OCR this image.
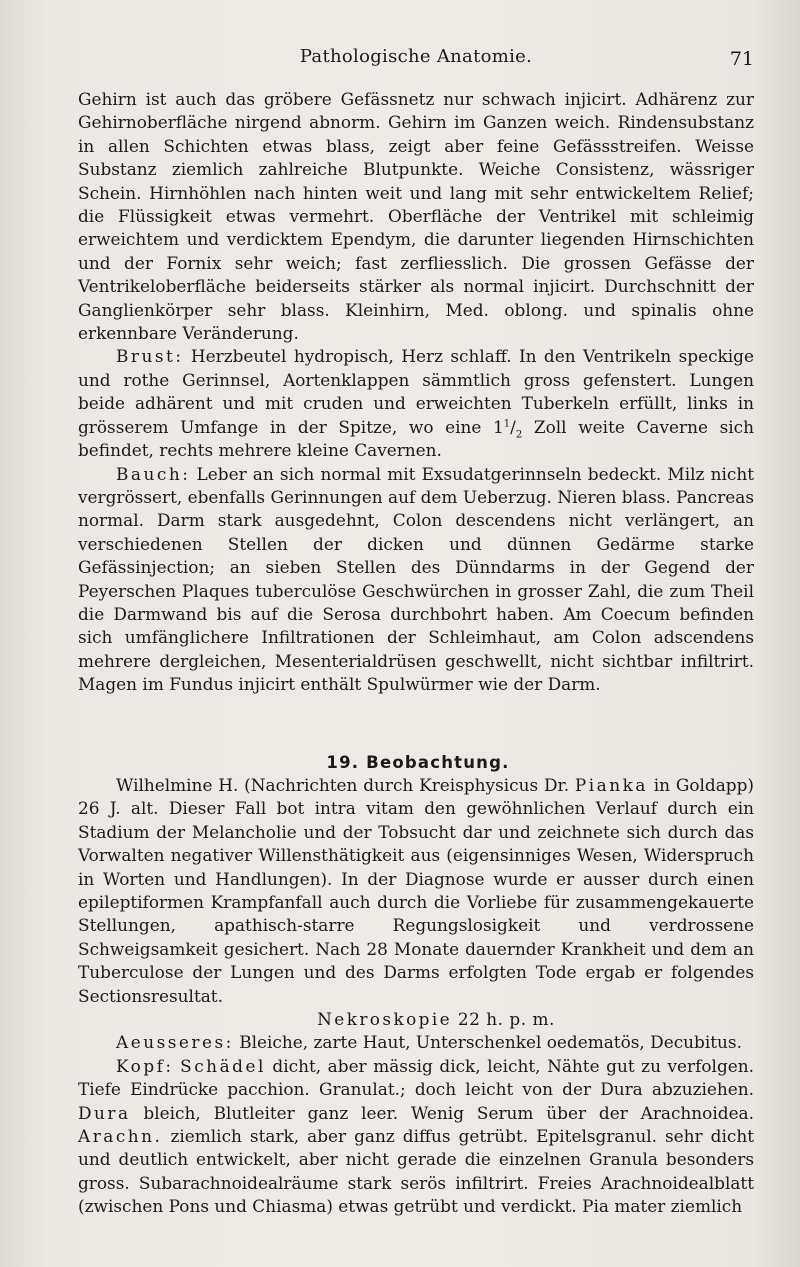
Pathologische Anatomie.	71

Gehirn ist auch das gröbere Gefässnetz nur schwach injicirt. Adhärenz zur Gehirnoberfläche nirgend abnorm. Gehirn im Ganzen weich. Rindensubstanz in allen Schichten etwas blass, zeigt aber feine Gefässstreifen. Weisse Substanz ziemlich zahlreiche Blutpunkte. Weiche Consistenz, wässriger Schein. Hirnhöhlen nach hinten weit und lang mit sehr entwickeltem Relief; die Flüssigkeit etwas vermehrt. Oberfläche der Ventrikel mit schleimig erweichtem und verdicktem Ependym, die darunter liegenden Hirnschichten und der Fornix sehr weich; fast zerfliesslich. Die grossen Gefässe der Ventrikeloberfläche beiderseits stärker als normal injicirt. Durchschnitt der Ganglienkörper sehr blass. Kleinhirn, Med. oblong. und spinalis ohne erkennbare Veränderung.

Brust: Herzbeutel hydropisch, Herz schlaff. In den Ventrikeln speckige und rothe Gerinnsel, Aortenklappen sämmtlich gross gefenstert. Lungen beide adhärent und mit cruden und erweichten Tuberkeln erfüllt, links in grösserem Umfange in der Spitze, wo eine $1^1/_2$ Zoll weite Caverne sich befindet, rechts mehrere kleine Cavernen.

Bauch: Leber an sich normal mit Exsudatgerinnseln bedeckt. Milz nicht vergrössert, ebenfalls Gerinnungen auf dem Ueberzug. Nieren blass. Pancreas normal. Darm stark ausgedehnt, Colon descendens nicht verlängert, an verschiedenen Stellen der dicken und dünnen Gedärme starke Gefässinjection; an sieben Stellen des Dünndarms in der Gegend der Peyerschen Plaques tuberculöse Geschwürchen in grosser Zahl, die zum Theil die Darmwand bis auf die Serosa durchbohrt haben. Am Coecum befinden sich umfänglichere Infiltrationen der Schleimhaut, am Colon adscendens mehrere dergleichen, Mesenterialdrüsen geschwellt, nicht sichtbar infiltrirt. Magen im Fundus injicirt enthält Spulwürmer wie der Darm.

19. Beobachtung.

Wilhelmine H. (Nachrichten durch Kreisphysicus Dr. Pianka in Goldapp) 26 J. alt. Dieser Fall bot intra vitam den gewöhnlichen Verlauf durch ein Stadium der Melancholie und der Tobsucht dar und zeichnete sich durch das Vorwalten negativer Willensthätigkeit aus (eigensinniges Wesen, Widerspruch in Worten und Handlungen). In der Diagnose wurde er ausser durch einen epileptiformen Krampfanfall auch durch die Vorliebe für zusammengekauerte Stellungen, apathisch-starre Regungslosigkeit und verdrossene Schweigsamkeit gesichert. Nach 28 Monate dauernder Krankheit und dem an Tuberculose der Lungen und des Darms erfolgten Tode ergab er folgendes Sectionsresultat.

Nekroskopie 22 h. p. m.

Aeusseres: Bleiche, zarte Haut, Unterschenkel oedematös, Decubitus.

Kopf: Schädel dicht, aber mässig dick, leicht, Nähte gut zu verfolgen. Tiefe Eindrücke pacchion. Granulat.; doch leicht von der Dura abzuziehen. Dura bleich, Blutleiter ganz leer. Wenig Serum über der Arachnoidea. Arachn. ziemlich stark, aber ganz diffus getrübt. Epitelsgranul. sehr dicht und deutlich entwickelt, aber nicht gerade die einzelnen Granula besonders gross. Subarachnoidealräume stark serös infiltrirt. Freies Arachnoidealblatt (zwischen Pons und Chiasma) etwas getrübt und verdickt. Pia mater ziemlich
